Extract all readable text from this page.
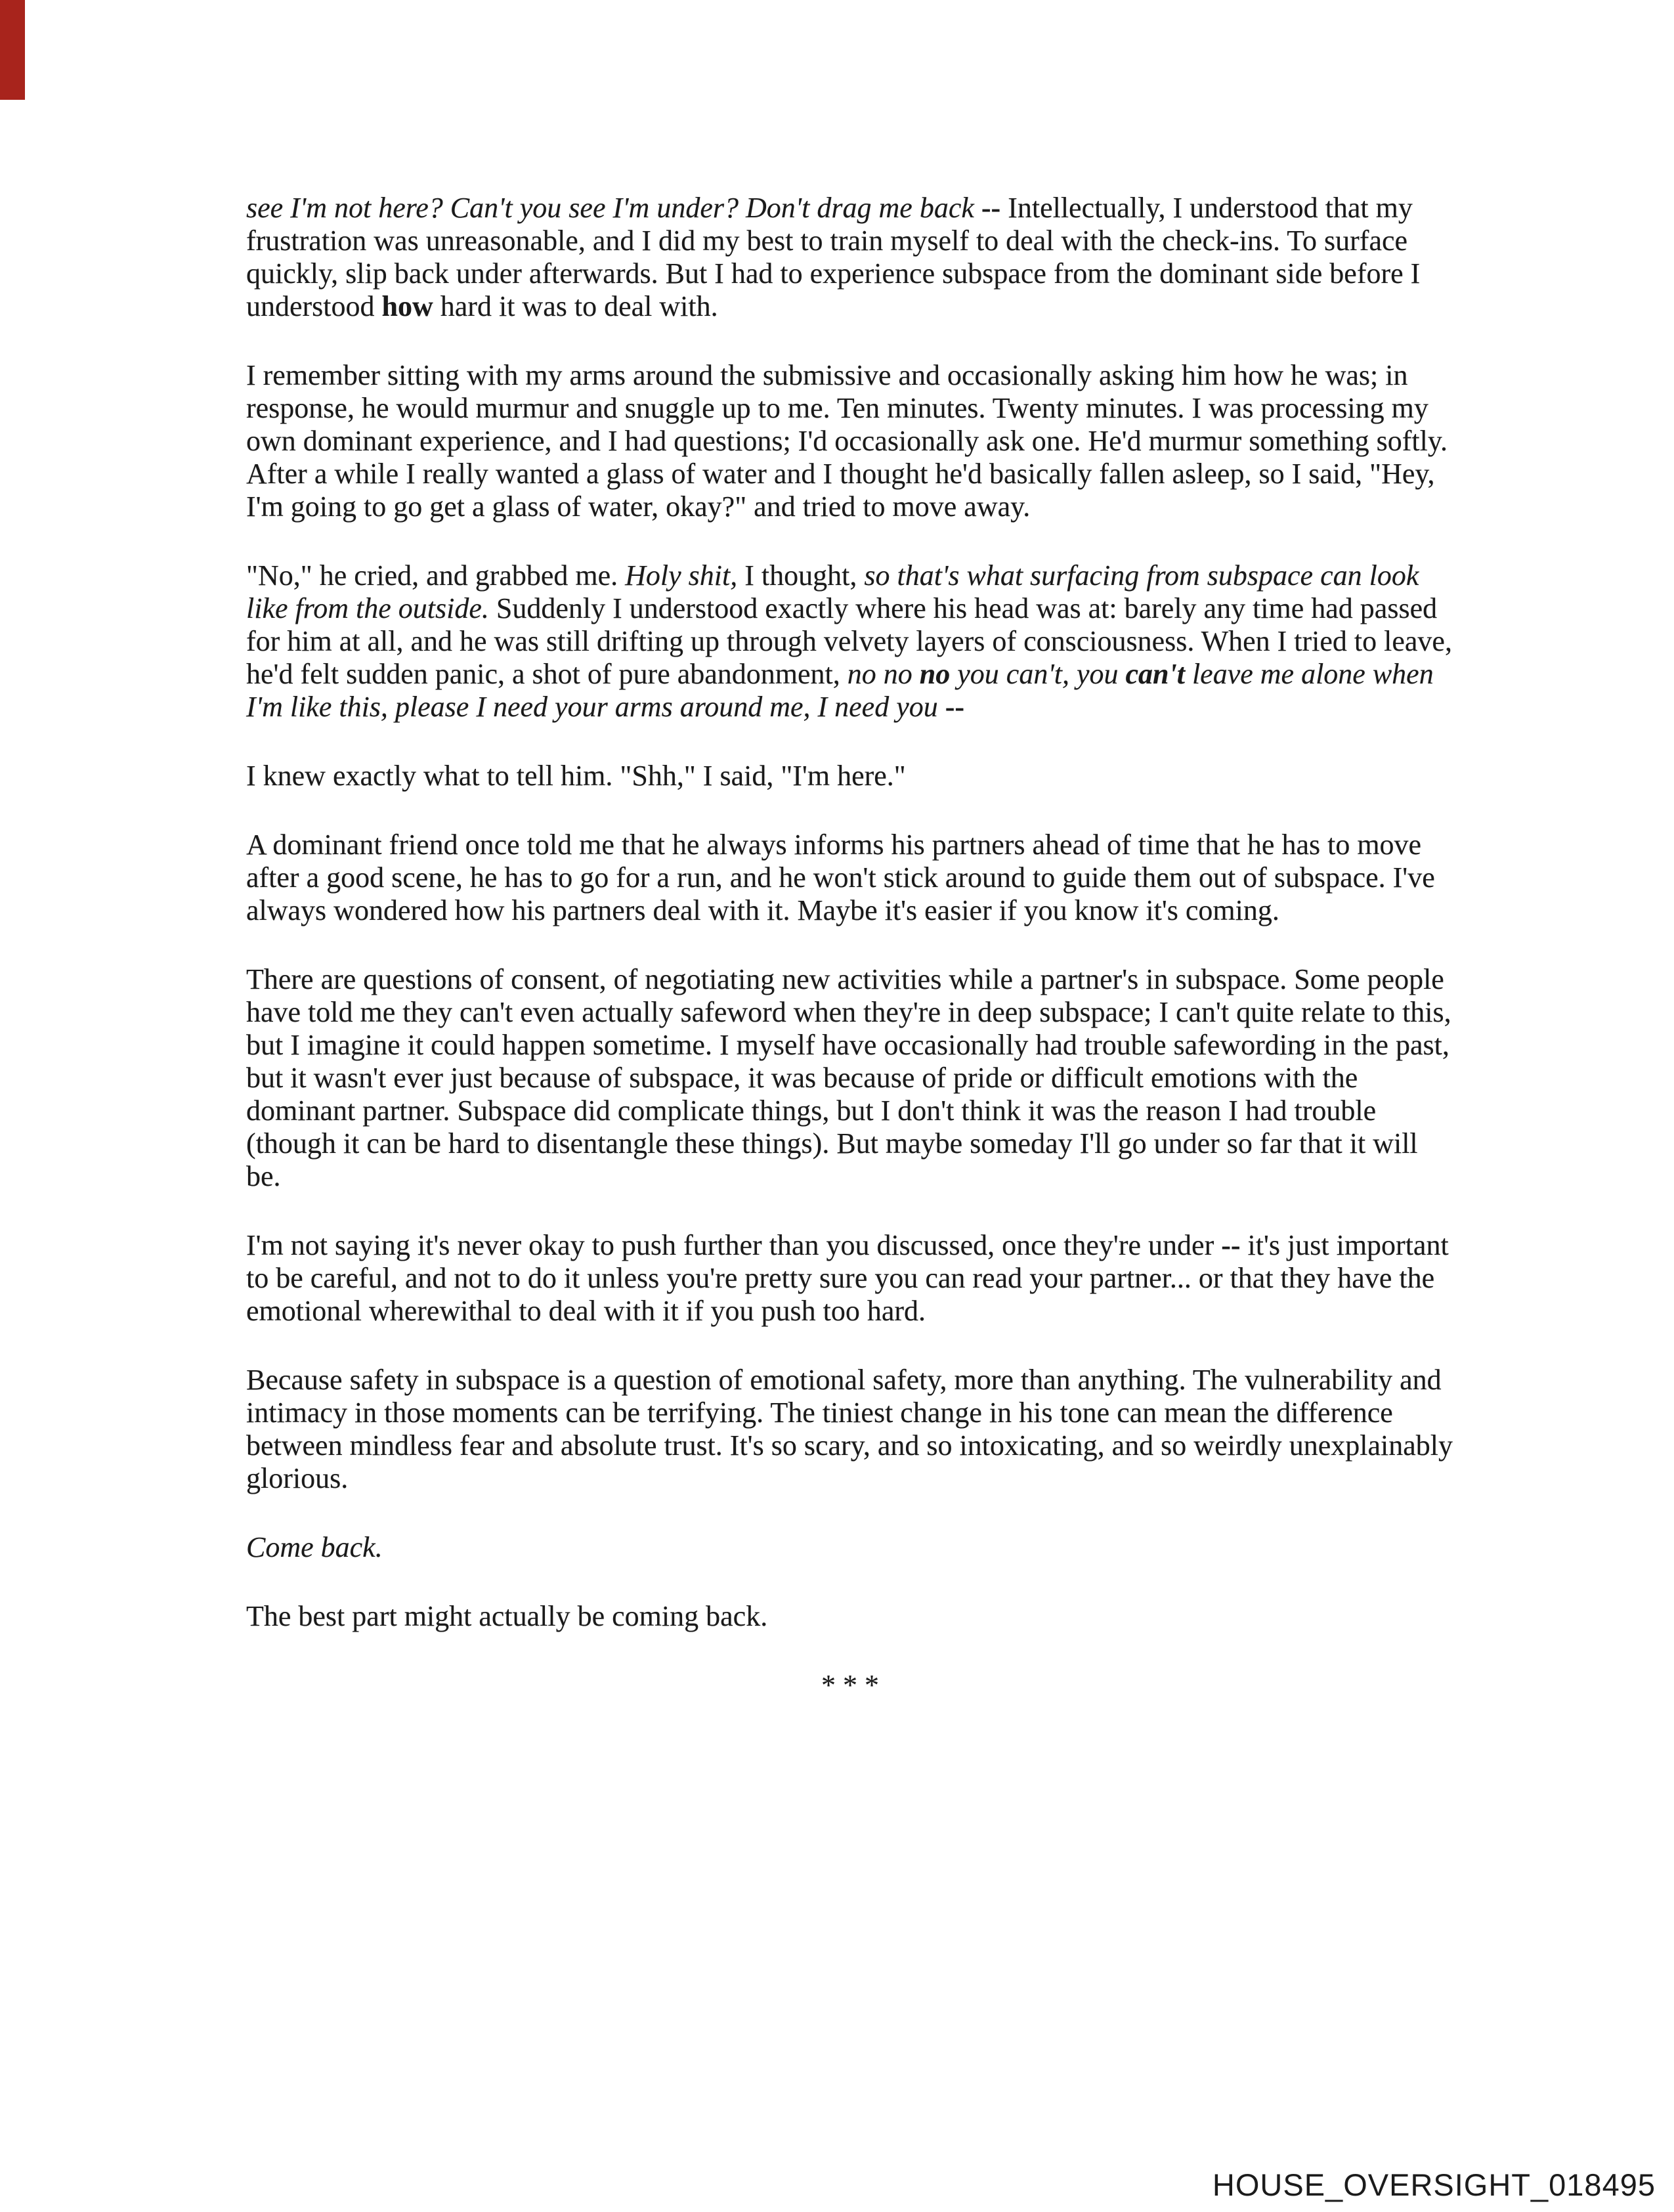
see I'm not here? Can't you see I'm under? Don't drag me back -- Intellectually, I understood that my frustration was unreasonable, and I did my best to train myself to deal with the check-ins. To surface quickly, slip back under afterwards. But I had to experience subspace from the dominant side before I understood how hard it was to deal with.

I remember sitting with my arms around the submissive and occasionally asking him how he was; in response, he would murmur and snuggle up to me. Ten minutes. Twenty minutes. I was processing my own dominant experience, and I had questions; I'd occasionally ask one. He'd murmur something softly. After a while I really wanted a glass of water and I thought he'd basically fallen asleep, so I said, "Hey, I'm going to go get a glass of water, okay?" and tried to move away.

"No," he cried, and grabbed me. Holy shit, I thought, so that's what surfacing from subspace can look like from the outside. Suddenly I understood exactly where his head was at: barely any time had passed for him at all, and he was still drifting up through velvety layers of consciousness. When I tried to leave, he'd felt sudden panic, a shot of pure abandonment, no no no you can't, you can't leave me alone when I'm like this, please I need your arms around me, I need you --

I knew exactly what to tell him. "Shh," I said, "I'm here."

A dominant friend once told me that he always informs his partners ahead of time that he has to move after a good scene, he has to go for a run, and he won't stick around to guide them out of subspace. I've always wondered how his partners deal with it. Maybe it's easier if you know it's coming.

There are questions of consent, of negotiating new activities while a partner's in subspace. Some people have told me they can't even actually safeword when they're in deep subspace; I can't quite relate to this, but I imagine it could happen sometime. I myself have occasionally had trouble safewording in the past, but it wasn't ever just because of subspace, it was because of pride or difficult emotions with the dominant partner. Subspace did complicate things, but I don't think it was the reason I had trouble (though it can be hard to disentangle these things). But maybe someday I'll go under so far that it will be.

I'm not saying it's never okay to push further than you discussed, once they're under -- it's just important to be careful, and not to do it unless you're pretty sure you can read your partner... or that they have the emotional wherewithal to deal with it if you push too hard.

Because safety in subspace is a question of emotional safety, more than anything. The vulnerability and intimacy in those moments can be terrifying. The tiniest change in his tone can mean the difference between mindless fear and absolute trust. It's so scary, and so intoxicating, and so weirdly unexplainably glorious.

Come back.

The best part might actually be coming back.

* * *

HOUSE_OVERSIGHT_018495
